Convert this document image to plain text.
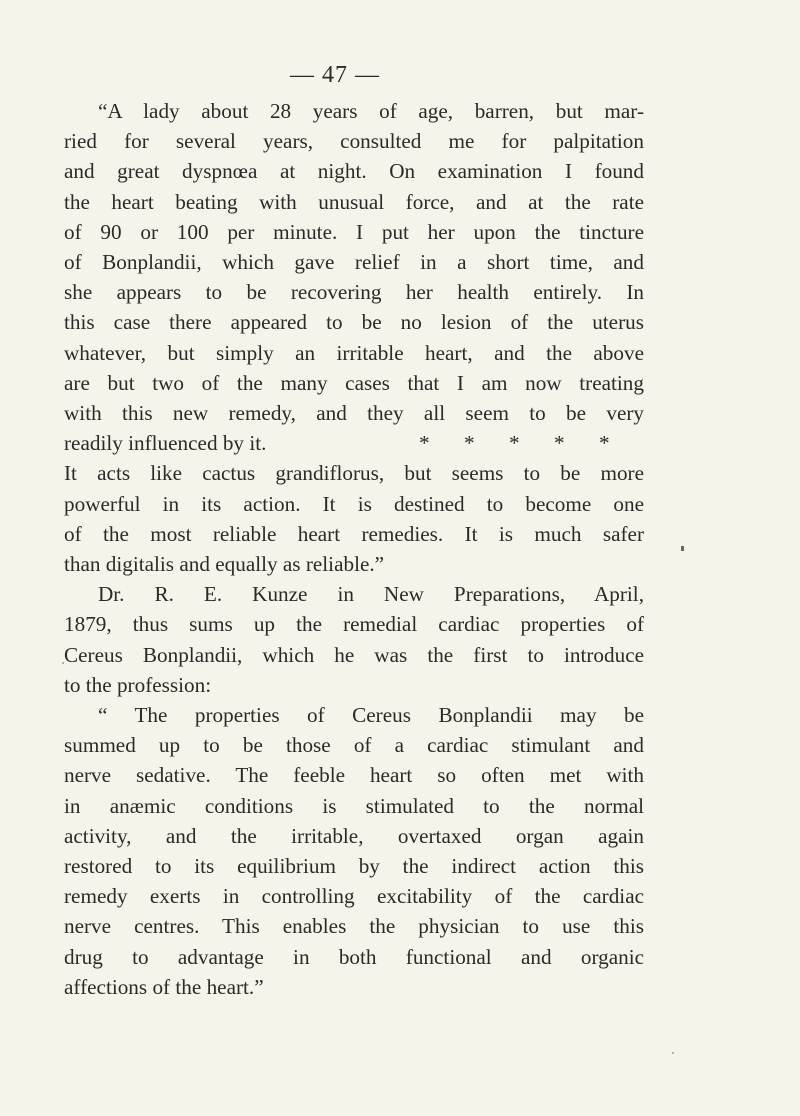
— 47 —
“A lady about 28 years of age, barren, but mar-
ried for several years, consulted me for palpitation
and great dyspnœa at night. On examination I found
the heart beating with unusual force, and at the rate
of 90 or 100 per minute. I put her upon the tincture
of Bonplandii, which gave relief in a short time, and
she appears to be recovering her health entirely. In
this case there appeared to be no lesion of the uterus
whatever, but simply an irritable heart, and the above
are but two of the many cases that I am now treating
with this new remedy, and they all seem to be very
readily influenced by it.	* * * * *
It acts like cactus grandiflorus, but seems to be more
powerful in its action. It is destined to become one
of the most reliable heart remedies. It is much safer
than digitalis and equally as reliable.”
Dr. R. E. Kunze in New Preparations, April,
1879, thus sums up the remedial cardiac properties of
Cereus Bonplandii, which he was the first to introduce
to the profession:
“ The properties of Cereus Bonplandii may be
summed up to be those of a cardiac stimulant and
nerve sedative. The feeble heart so often met with
in anæmic conditions is stimulated to the normal
activity, and the irritable, overtaxed organ again
restored to its equilibrium by the indirect action this
remedy exerts in controlling excitability of the cardiac
nerve centres. This enables the physician to use this
drug to advantage in both functional and organic
affections of the heart.”
